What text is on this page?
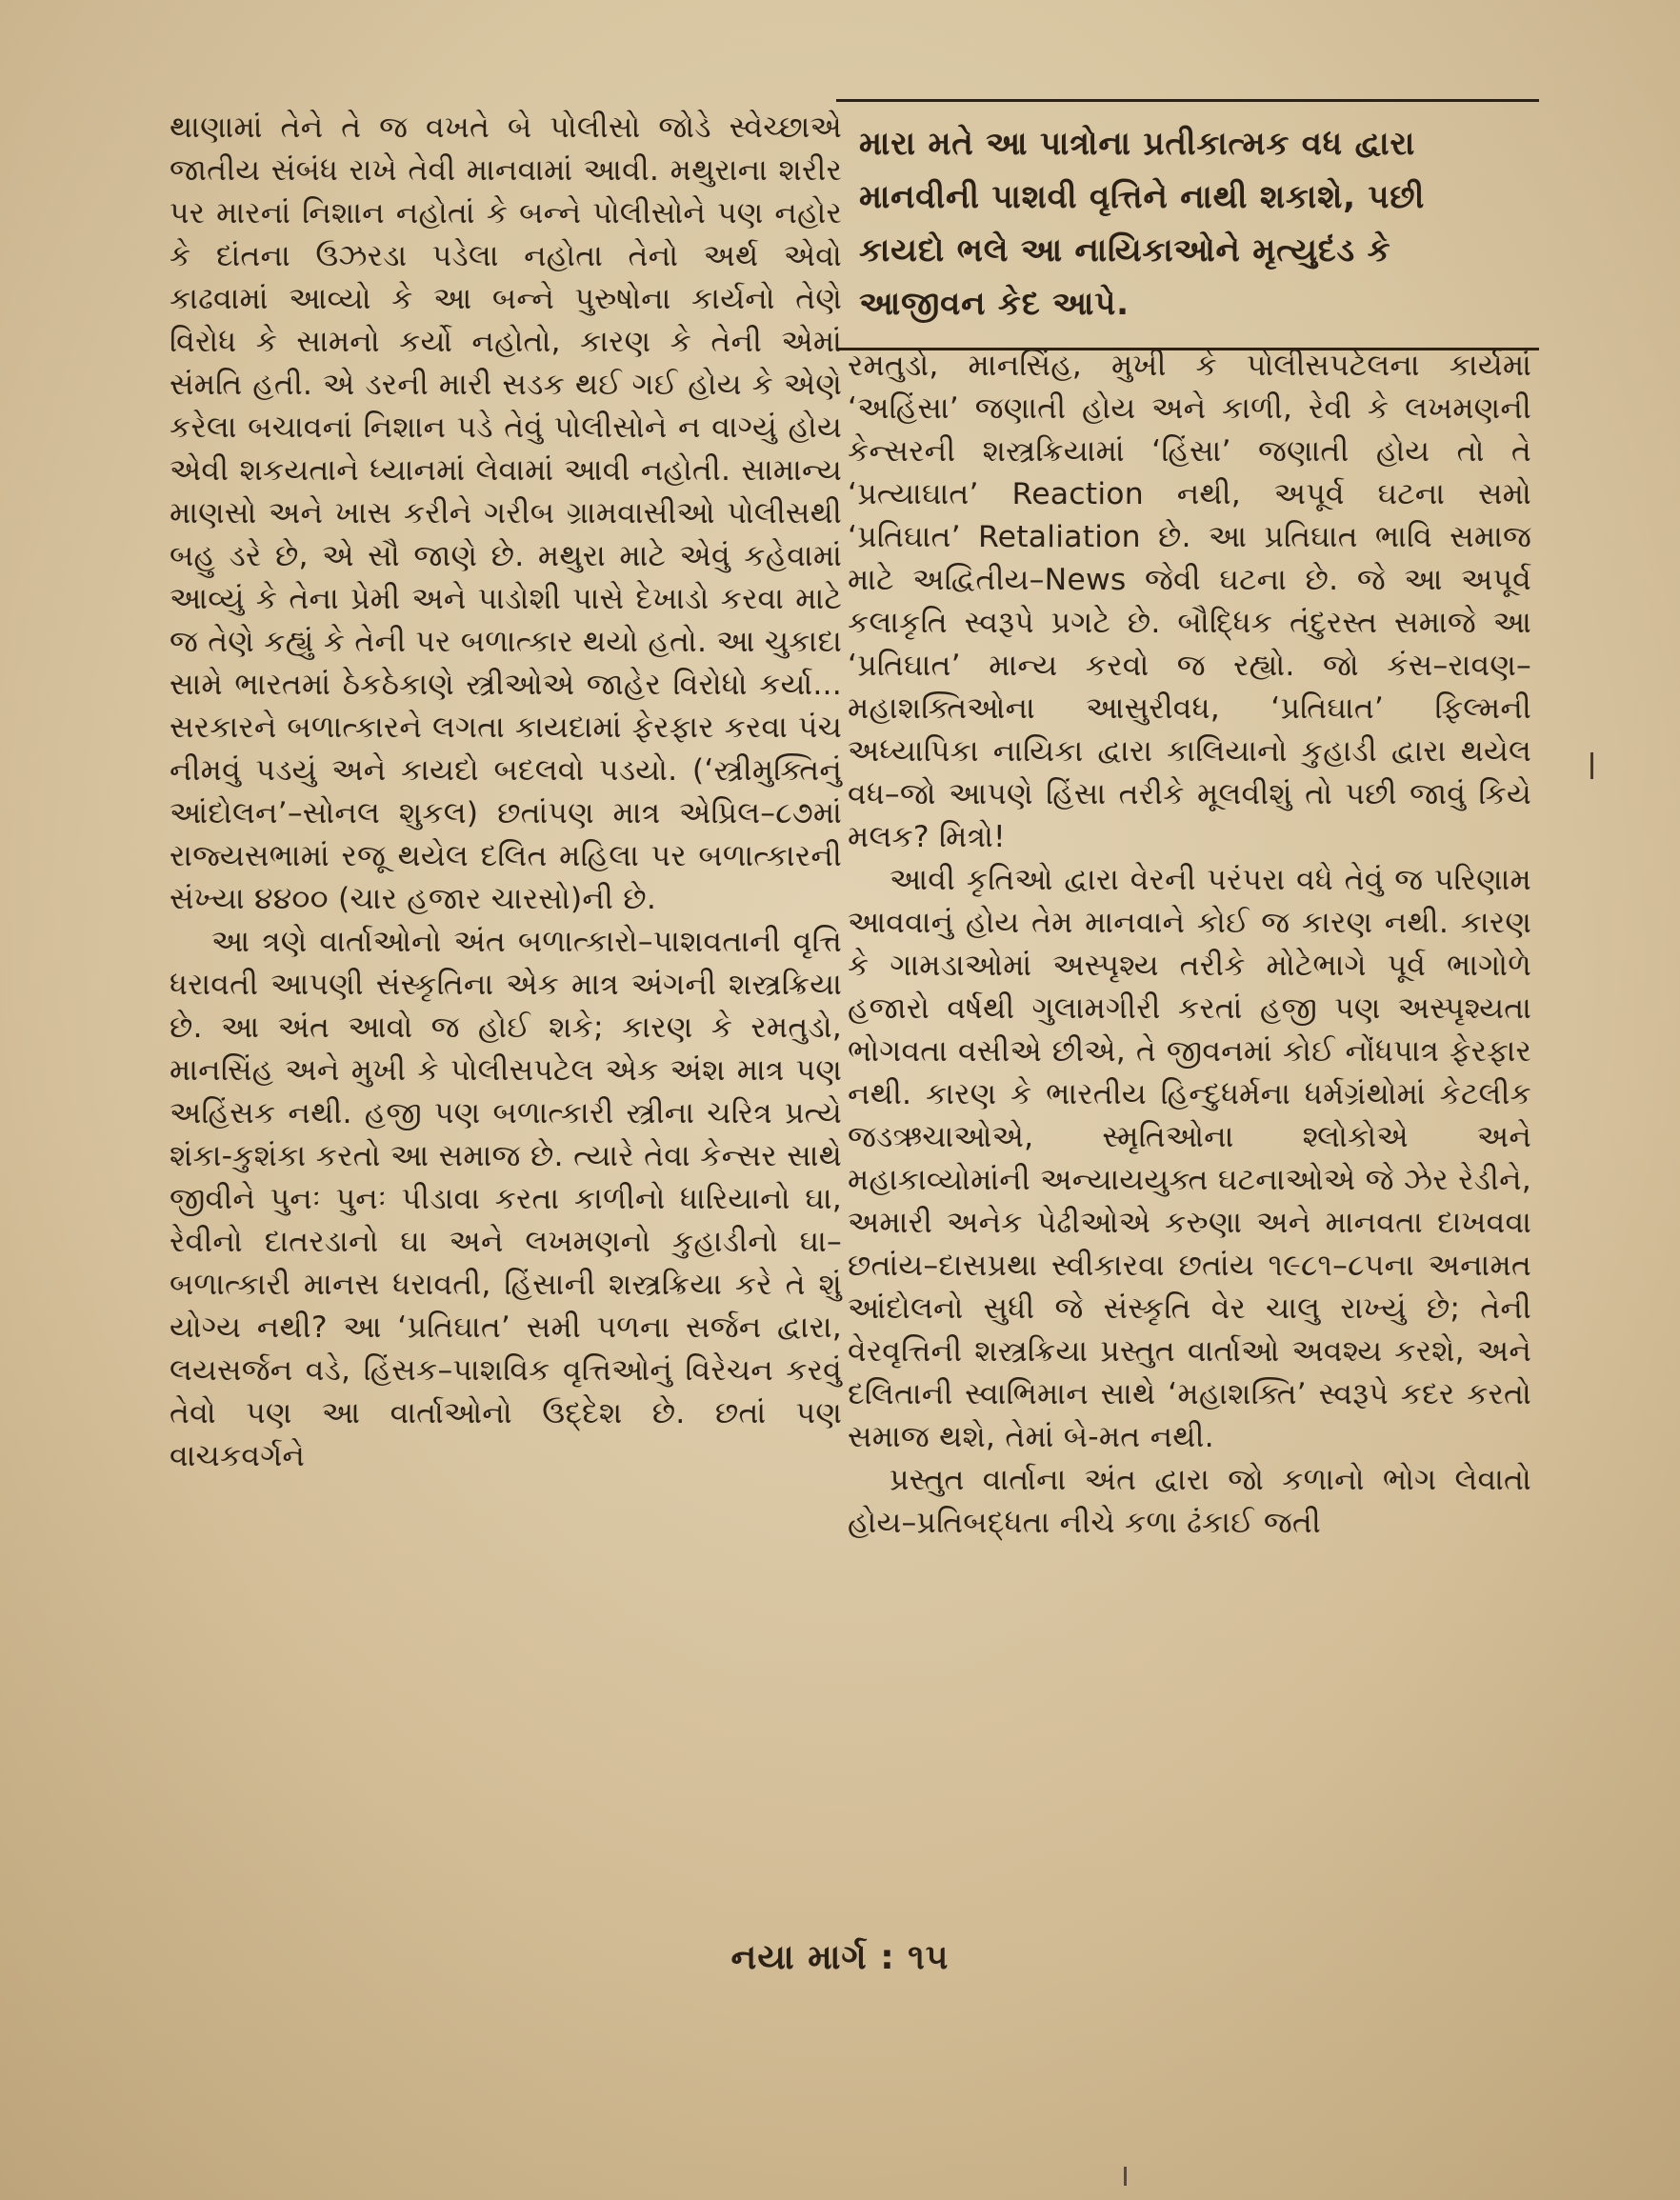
થાણામાં તેને તે જ વખતે બે પોલીસો જોડે સ્વેચ્છાએ જાતીય સંબંધ રાખે તેવી માનવામાં આવી. મથુરાના શરીર પર મારનાં નિશાન નહોતાં કે બન્ને પોલીસોને પણ નહોર કે દાંતના ઉઝરડા પડેલા નહોતા તેનો અર્થ એવો કાઢવામાં આવ્યો કે આ બન્ને પુરુષોના કાર્યનો તેણે વિરોધ કે સામનો કર્યો નહોતો, કારણ કે તેની એમાં સંમતિ હતી. એ ડરની મારી સડક થઈ ગઈ હોય કે એણે કરેલા બચાવનાં નિશાન પડે તેવું પોલીસોને ન વાગ્યું હોય એવી શકયતાને ધ્યાનમાં લેવામાં આવી નહોતી. સામાન્ય માણસો અને ખાસ કરીને ગરીબ ગ્રામવાસીઓ પોલીસથી બહુ ડરે છે, એ સૌ જાણે છે. મથુરા માટે એવું કહેવામાં આવ્યું કે તેના પ્રેમી અને પાડોશી પાસે દેખાડો કરવા માટે જ તેણે કહ્યું કે તેની પર બળાત્કાર થયો હતો. આ ચુકાદા સામે ભારતમાં ઠેકઠેકાણે સ્ત્રીઓએ જાહેર વિરોધો કર્યા... સરકારને બળાત્કારને લગતા કાયદામાં ફેરફાર કરવા પંચ નીમવું પડયું અને કાયદો બદલવો પડયો. (‘સ્ત્રીમુક્તિનું આંદોલન’–સોનલ શુકલ) છતાંપણ માત્ર એપ્રિલ–૮૭માં રાજ્યસભામાં રજૂ થયેલ દલિત મહિલા પર બળાત્કારની સંખ્યા ૪૪૦૦ (ચાર હજાર ચારસો)ની છે.

આ ત્રણે વાર્તાઓનો અંત બળાત્કારો–પાશવતાની વૃત્તિ ધરાવતી આપણી સંસ્કૃતિના એક માત્ર અંગની શસ્ત્રક્રિયા છે. આ અંત આવો જ હોઈ શકે; કારણ કે રમતુડો, માનસિંહ અને મુખી કે પોલીસપટેલ એક અંશ માત્ર પણ અહિંસક નથી. હજી પણ બળાત્કારી સ્ત્રીના ચરિત્ર પ્રત્યે શંકા-કુશંકા કરતો આ સમાજ છે. ત્યારે તેવા કેન્સર સાથે જીવીને પુનઃ પુનઃ પીડાવા કરતા કાળીનો ધારિયાનો ઘા, રેવીનો દાતરડાનો ઘા અને લખમણનો કુહાડીનો ઘા–બળાત્કારી માનસ ધરાવતી, હિંસાની શસ્ત્રક્રિયા કરે તે શું યોગ્ય નથી? આ ‘પ્રતિઘાત’ સમી પળના સર્જન દ્વારા, લયસર્જન વડે, હિંસક–પાશવિક વૃત્તિઓનું વિરેચન કરવું તેવો પણ આ વાર્તાઓનો ઉદ્દેશ છે. છતાં પણ વાચકવર્ગને

મારા મતે આ પાત્રોના પ્રતીકાત્મક વધ દ્વારા માનવીની પાશવી વૃત્તિને નાથી શકાશે, પછી કાયદો ભલે આ નાયિકાઓને મૃત્યુદંડ કે આજીવન કેદ આપે.

રમતુડો, માનસિંહ, મુખી કે પોલીસપટેલના કાર્યમાં ‘અહિંસા’ જણાતી હોય અને કાળી, રેવી કે લખમણની કેન્સરની શસ્ત્રક્રિયામાં ‘હિંસા’ જણાતી હોય તો તે ‘પ્રત્યાઘાત’ Reaction નથી, અપૂર્વ ઘટના સમો ‘પ્રતિઘાત’ Retaliation છે. આ પ્રતિઘાત ભાવિ સમાજ માટે અદ્વિતીય–News જેવી ઘટના છે. જે આ અપૂર્વ કલાકૃતિ સ્વરૂપે પ્રગટે છે. બૌદ્ધિક તંદુરસ્ત સમાજે આ ‘પ્રતિઘાત’ માન્ય કરવો જ રહ્યો. જો કંસ–રાવણ–મહાશક્તિઓના આસુરીવધ, ‘પ્રતિઘાત’ ફિલ્મની અધ્યાપિકા નાયિકા દ્વારા કાલિયાનો કુહાડી દ્વારા થયેલ વધ–જો આપણે હિંસા તરીકે મૂલવીશું તો પછી જાવું કિયે મલક? મિત્રો!

આવી કૃતિઓ દ્વારા વેરની પરંપરા વધે તેવું જ પરિણામ આવવાનું હોય તેમ માનવાને કોઈ જ કારણ નથી. કારણ કે ગામડાઓમાં અસ્પૃશ્ય તરીકે મોટેભાગે પૂર્વ ભાગોળે હજારો વર્ષથી ગુલામગીરી કરતાં હજી પણ અસ્પૃશ્યતા ભોગવતા વસીએ છીએ, તે જીવનમાં કોઈ નોંધપાત્ર ફેરફાર નથી. કારણ કે ભારતીય હિન્દુધર્મના ધર્મગ્રંથોમાં કેટલીક જડઋચાઓએ, સ્મૃતિઓના શ્લોકોએ અને મહાકાવ્યોમાંની અન્યાયયુક્ત ઘટનાઓએ જે ઝેર રેડીને, અમારી અનેક પેઢીઓએ કરુણા અને માનવતા દાખવવા છતાંય–દાસપ્રથા સ્વીકારવા છતાંય ૧૯૮૧–૮૫ના અનામત આંદોલનો સુધી જે સંસ્કૃતિ વેર ચાલુ રાખ્યું છે; તેની વેરવૃત્તિની શસ્ત્રક્રિયા પ્રસ્તુત વાર્તાઓ અવશ્ય કરશે, અને દલિતાની સ્વાભિમાન સાથે ‘મહાશક્તિ’ સ્વરૂપે કદર કરતો સમાજ થશે, તેમાં બે-મત નથી.

પ્રસ્તુત વાર્તાના અંત દ્વારા જો કળાનો ભોગ લેવાતો હોય–પ્રતિબદ્ધતા નીચે કળા ઢંકાઈ જતી

નયા માર્ગ : ૧૫
